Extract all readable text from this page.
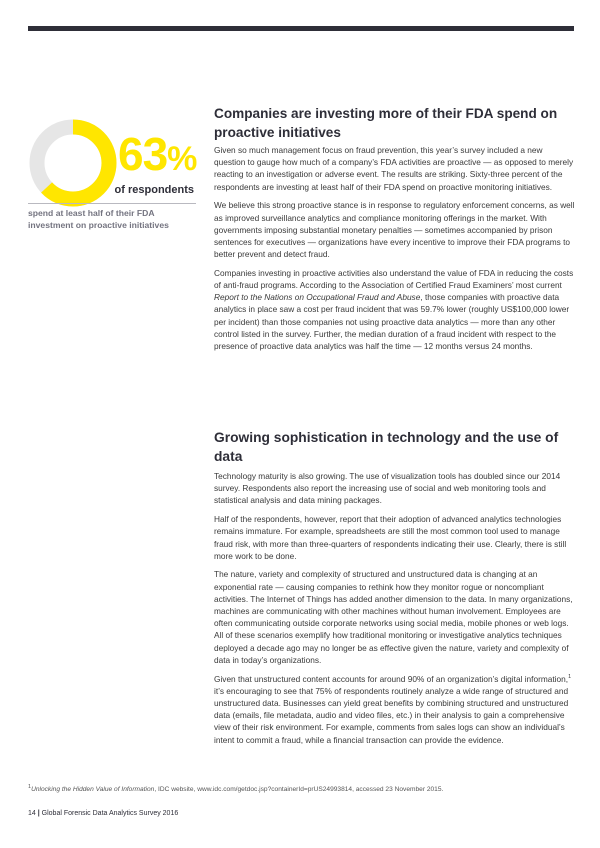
63%
of respondents
spend at least half of their FDA investment on proactive initiatives
Companies are investing more of their FDA spend on proactive initiatives

Given so much management focus on fraud prevention, this year’s survey included a new question to gauge how much of a company’s FDA activities are proactive — as opposed to merely reacting to an investigation or adverse event. The results are striking. Sixty-three percent of the respondents are investing at least half of their FDA spend on proactive monitoring initiatives.

We believe this strong proactive stance is in response to regulatory enforcement concerns, as well as improved surveillance analytics and compliance monitoring offerings in the market. With governments imposing substantial monetary penalties — sometimes accompanied by prison sentences for executives — organizations have every incentive to improve their FDA programs to better prevent and detect fraud.

Companies investing in proactive activities also understand the value of FDA in reducing the costs of anti-fraud programs. According to the Association of Certified Fraud Examiners’ most current Report to the Nations on Occupational Fraud and Abuse, those companies with proactive data analytics in place saw a cost per fraud incident that was 59.7% lower (roughly US$100,000 lower per incident) than those companies not using proactive data analytics — more than any other control listed in the survey. Further, the median duration of a fraud incident with respect to the presence of proactive data analytics was half the time — 12 months versus 24 months.

Growing sophistication in technology and the use of data

Technology maturity is also growing. The use of visualization tools has doubled since our 2014 survey. Respondents also report the increasing use of social and web monitoring tools and statistical analysis and data mining packages.

Half of the respondents, however, report that their adoption of advanced analytics technologies remains immature. For example, spreadsheets are still the most common tool used to manage fraud risk, with more than three-quarters of respondents indicating their use. Clearly, there is still more work to be done.

The nature, variety and complexity of structured and unstructured data is changing at an exponential rate — causing companies to rethink how they monitor rogue or noncompliant activities. The Internet of Things has added another dimension to the data. In many organizations, machines are communicating with other machines without human involvement. Employees are often communicating outside corporate networks using social media, mobile phones or web logs. All of these scenarios exemplify how traditional monitoring or investigative analytics techniques deployed a decade ago may no longer be as effective given the nature, variety and complexity of data in today’s organizations.

Given that unstructured content accounts for around 90% of an organization’s digital information,$^1$ it’s encouraging to see that 75% of respondents routinely analyze a wide range of structured and unstructured data. Businesses can yield great benefits by combining structured and unstructured data (emails, file metadata, audio and video files, etc.) in their analysis to gain a comprehensive view of their risk environment. For example, comments from sales logs can show an individual’s intent to commit a fraud, while a financial transaction can provide the evidence.

$^1$Unlocking the Hidden Value of Information, IDC website, www.idc.com/getdoc.jsp?containerId=prUS24993814, accessed 23 November 2015.
14 | Global Forensic Data Analytics Survey 2016
